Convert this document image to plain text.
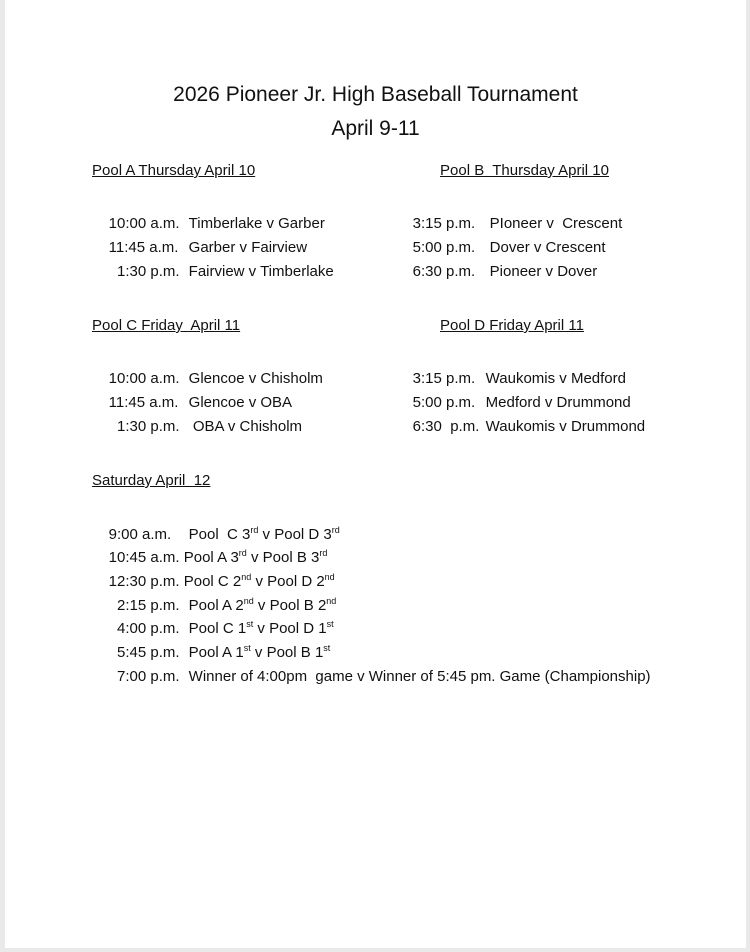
2026 Pioneer Jr. High Baseball Tournament
April 9-11
Pool A Thursday April 10

10:00 a.m. Timberlake v Garber

11:45 a.m. Garber v Fairview

1:30 p.m. Fairview v Timberlake

Pool B  Thursday April 10

3:15 p.m. PIoneer v  Crescent

5:00 p.m. Dover v Crescent

6:30 p.m. Pioneer v Dover

Pool C Friday  April 11

10:00 a.m. Glencoe v Chisholm

11:45 a.m. Glencoe v OBA

1:30 p.m. OBA v Chisholm

Pool D Friday April 11

3:15 p.m. Waukomis v Medford

5:00 p.m. Medford v Drummond

6:30  p.m. Waukomis v Drummond

Saturday April  12

9:00 a.m. Pool  C 3rd v Pool D 3rd

10:45 a.m. Pool A 3rd v Pool B 3rd

12:30 p.m. Pool C 2nd v Pool D 2nd

2:15 p.m. Pool A 2nd v Pool B 2nd

4:00 p.m. Pool C 1st v Pool D 1st

5:45 p.m. Pool A 1st v Pool B 1st

7:00 p.m. Winner of 4:00pm  game v Winner of 5:45 pm. Game (Championship)
